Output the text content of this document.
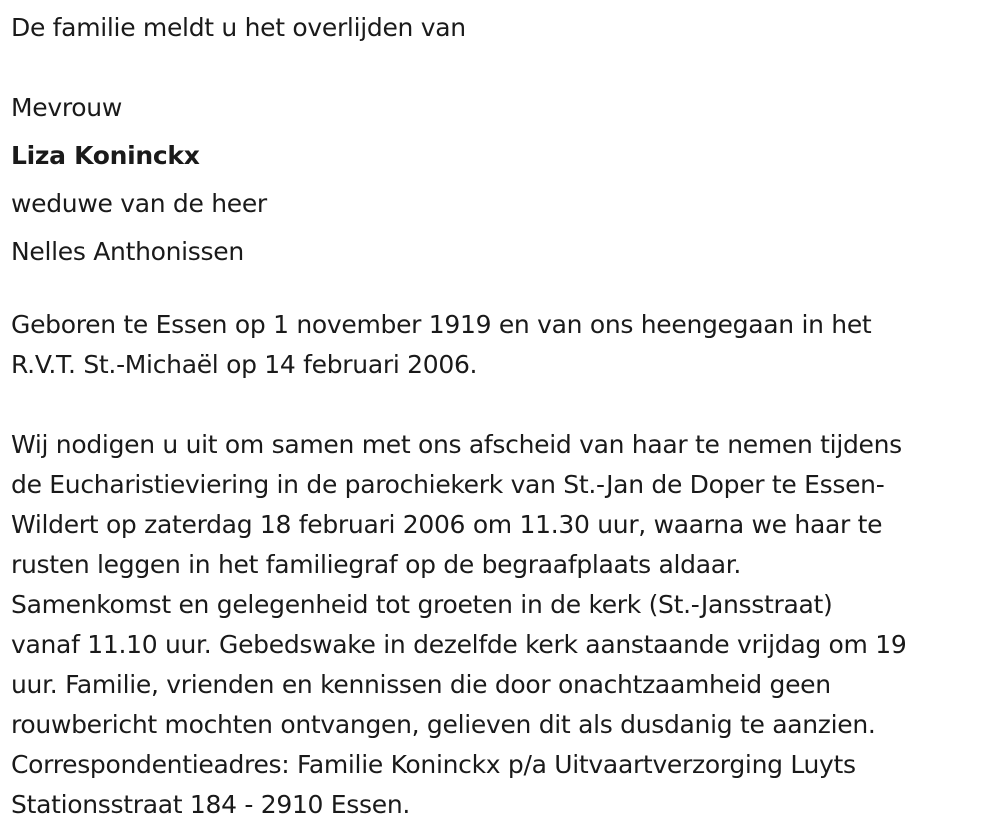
De familie meldt u het overlijden van
Mevrouw
Liza Koninckx
weduwe van de heer
Nelles Anthonissen
Geboren te Essen op 1 november 1919 en van ons heengegaan in het
R.V.T. St.-Michaël op 14 februari 2006.
Wij nodigen u uit om samen met ons afscheid van haar te nemen tijdens
de Eucharistieviering in de parochiekerk van St.-Jan de Doper te Essen-
Wildert op zaterdag 18 februari 2006 om 11.30 uur, waarna we haar te
rusten leggen in het familiegraf op de begraafplaats aldaar.
Samenkomst en gelegenheid tot groeten in de kerk (St.-Jansstraat)
vanaf 11.10 uur. Gebedswake in dezelfde kerk aanstaande vrijdag om 19
uur. Familie, vrienden en kennissen die door onachtzaamheid geen
rouwbericht mochten ontvangen, gelieven dit als dusdanig te aanzien.
Correspondentieadres: Familie Koninckx p/a Uitvaartverzorging Luyts
Stationsstraat 184 - 2910 Essen.
